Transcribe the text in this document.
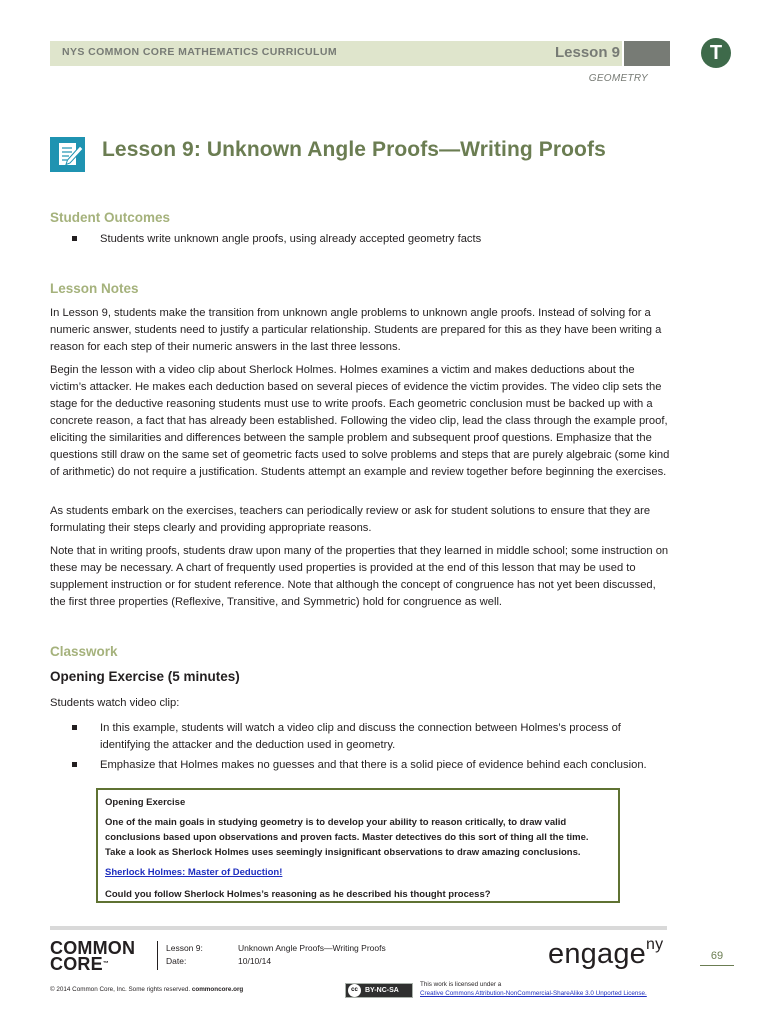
NYS COMMON CORE MATHEMATICS CURRICULUM	Lesson 9	T
GEOMETRY
Lesson 9: Unknown Angle Proofs—Writing Proofs
Student Outcomes
Students write unknown angle proofs, using already accepted geometry facts
Lesson Notes
In Lesson 9, students make the transition from unknown angle problems to unknown angle proofs. Instead of solving for a numeric answer, students need to justify a particular relationship. Students are prepared for this as they have been writing a reason for each step of their numeric answers in the last three lessons.
Begin the lesson with a video clip about Sherlock Holmes. Holmes examines a victim and makes deductions about the victim’s attacker. He makes each deduction based on several pieces of evidence the victim provides. The video clip sets the stage for the deductive reasoning students must use to write proofs. Each geometric conclusion must be backed up with a concrete reason, a fact that has already been established. Following the video clip, lead the class through the example proof, eliciting the similarities and differences between the sample problem and subsequent proof questions. Emphasize that the questions still draw on the same set of geometric facts used to solve problems and steps that are purely algebraic (some kind of arithmetic) do not require a justification. Students attempt an example and review together before beginning the exercises.
As students embark on the exercises, teachers can periodically review or ask for student solutions to ensure that they are formulating their steps clearly and providing appropriate reasons.
Note that in writing proofs, students draw upon many of the properties that they learned in middle school; some instruction on these may be necessary. A chart of frequently used properties is provided at the end of this lesson that may be used to supplement instruction or for student reference. Note that although the concept of congruence has not yet been discussed, the first three properties (Reflexive, Transitive, and Symmetric) hold for congruence as well.
Classwork
Opening Exercise (5 minutes)
Students watch video clip:
In this example, students will watch a video clip and discuss the connection between Holmes’s process of identifying the attacker and the deduction used in geometry.
Emphasize that Holmes makes no guesses and that there is a solid piece of evidence behind each conclusion.
Opening Exercise
One of the main goals in studying geometry is to develop your ability to reason critically, to draw valid conclusions based upon observations and proven facts. Master detectives do this sort of thing all the time. Take a look as Sherlock Holmes uses seemingly insignificant observations to draw amazing conclusions.
Sherlock Holmes: Master of Deduction!
Could you follow Sherlock Holmes’s reasoning as he described his thought process?
COMMON
CORE™
Lesson 9:	Unknown Angle Proofs—Writing Proofs
Date:	10/10/14	engage$^{ny}$
69
© 2014 Common Core, Inc. Some rights reserved. commoncore.org	cc	BY-NC-SA
This work is licensed under a
Creative Commons Attribution-NonCommercial-ShareAlike 3.0 Unported License.
